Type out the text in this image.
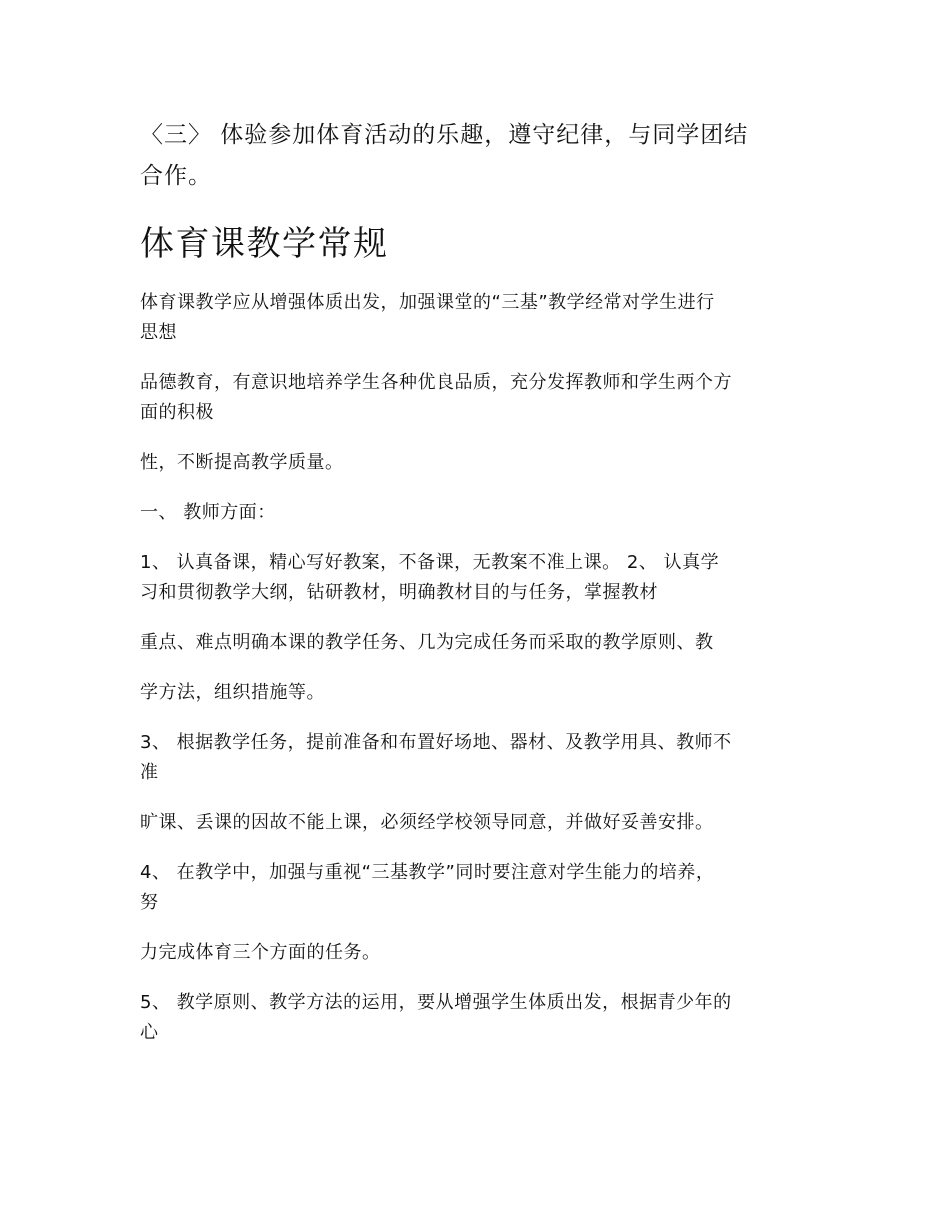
〈三〉 体验参加体育活动的乐趣，遵守纪律，与同学团结
合作。
体育课教学常规
体育课教学应从增强体质出发，加强课堂的“三基”教学经常对学生进行
思想
品德教育，有意识地培养学生各种优良品质，充分发挥教师和学生两个方
面的积极
性，不断提高教学质量。
一、 教师方面：
1、 认真备课，精心写好教案，不备课，无教案不准上课。 2、 认真学
习和贯彻教学大纲，钻研教材，明确教材目的与任务，掌握教材
重点、难点明确本课的教学任务、几为完成任务而采取的教学原则、教
学方法，组织措施等。
3、 根据教学任务，提前准备和布置好场地、器材、及教学用具、教师不
准
旷课、丢课的因故不能上课，必须经学校领导同意，并做好妥善安排。
4、 在教学中，加强与重视“三基教学”同时要注意对学生能力的培养，
努
力完成体育三个方面的任务。
5、 教学原则、教学方法的运用，要从增强学生体质出发，根据青少年的
心
